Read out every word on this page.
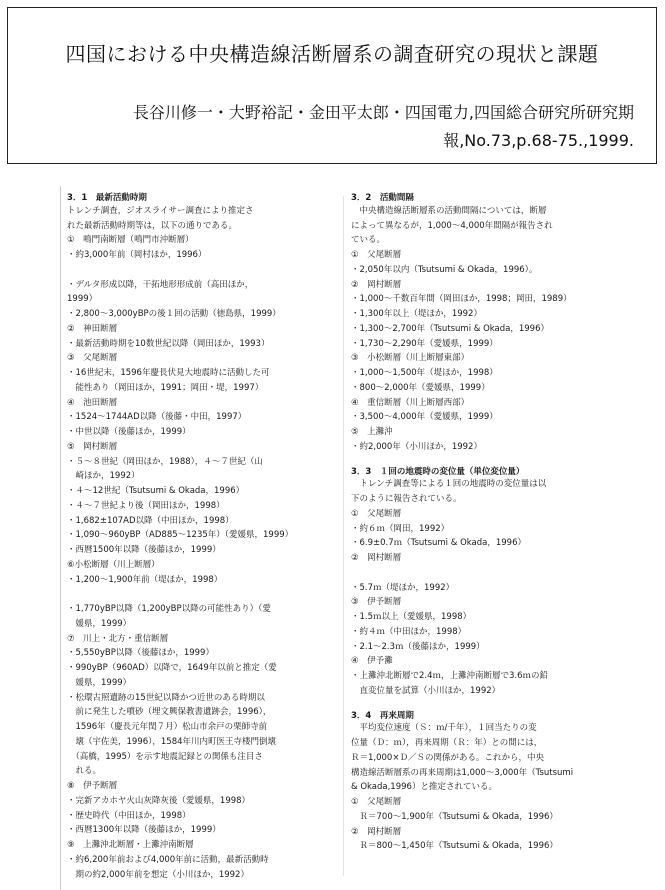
四国における中央構造線活断層系の調査研究の現状と課題
長谷川修一・大野裕記・金田平太郎・四国電力,四国総合研究所研究期
報,No.73,p.68-75.,1999.
3．1　最新活動時期
トレンチ調査，ジオスライサー調査により推定さ
れた最新活動時期等は，以下の通りである。
①　鳴門南断層（鳴門市沖断層）
・約3,000年前（岡村ほか，1996）

・デルタ形成以降，干拓地形形成前（高田ほか，
1999）
・2,800〜3,000yBPの後１回の活動（徳島県，1999）
②　神田断層
・最新活動時期を10数世紀以降（岡田ほか，1993）
③　父尾断層
・16世紀末，1596年慶長伏見大地震時に活動した可
　能性あり（岡田ほか，1991；岡田・堤，1997）
④　池田断層
・1524〜1744AD以降（後藤・中田，1997）
・中世以降（後藤ほか，1999）
⑤　岡村断層
・５〜８世紀（岡田ほか，1988），４〜７世紀（山
　崎ほか，1992）
・４〜12世紀（Tsutsumi & Okada，1996）
・４〜７世紀より後（岡田ほか，1998）
・1,682±107AD以降（中田ほか，1998）
・1,090〜960yBP（AD885〜1235年）（愛媛県，1999）
・西暦1500年以降（後藤ほか，1999）
⑥小松断層（川上断層）
・1,200〜1,900年前（堤ほか，1998）

・1,770yBP以降（1,200yBP以降の可能性あり）（愛
　媛県，1999）
⑦　川上・北方・重信断層
・5,550yBP以降（後藤ほか，1999）
・990yBP（960AD）以降で，1649年以前と推定（愛
　媛県，1999）
・松環古照遺跡の15世紀以降かつ近世のある時期以
　前に発生した噴砂（埋文興保教書遺跡会，1996），
　1596年（慶長元年閏７月）松山市余戸の栗師寺前
　壊（宇佐美，1996），1584年川内町医王寺楼門倒壊
　（高橋，1995）を示す地震記録との関係も注目さ
　れる。
⑧　伊予断層
・完新アカホヤ火山灰降灰後（愛媛県，1998）
・歴史時代（中田ほか，1998）
・西暦1300年以降（後藤ほか，1999）
⑨　上灘沖北断層・上灘沖南断層
・約6,200年前および4,000年前に活動，最新活動時
　期の約2,000年前を想定（小川ほか，1992）
3．2　活動間隔
　中央構造線活断層系の活動間隔については，断層
によって異なるが，1,000〜4,000年間隔が報告され
ている。
①　父尾断層
・2,050年以内（Tsutsumi & Okada，1996）。
②　岡村断層
・1,000〜千数百年間（岡田ほか，1998；岡田，1989）
・1,300年以上（堤ほか，1992）
・1,300〜2,700年（Tsutsumi & Okada，1996）
・1,730〜2,290年（愛媛県，1999）
③　小松断層（川上断層東部）
・1,000〜1,500年（堤ほか，1998）
・800〜2,000年（愛媛県，1999）
④　重信断層（川上断層西部）
・3,500〜4,000年（愛媛県，1999）
⑤　上灘沖
・約2,000年（小川ほか，1992）
3．3　１回の地震時の変位量（単位変位量）
　トレンチ調査等による１回の地震時の変位量は以
下のように報告されている。
①　父尾断層
・約６ｍ（岡田，1992）
・6.9±0.7ｍ（Tsutsumi & Okada，1996）
②　岡村断層

・5.7ｍ（堤ほか，1992）
③　伊予断層
・1.5ｍ以上（愛媛県，1998）
・約４ｍ（中田ほか，1998）
・2.1〜2.3ｍ（後藤ほか，1999）
④　伊予灘
・上灘沖北断層で2.4ｍ，上灘沖南断層で3.6ｍの鉛
　直変位量を試算（小川ほか，1992）
3．4　再来周期
　平均変位速度（Ｓ：ｍ/千年），１回当たりの変
位量（Ｄ：ｍ），再来周期（Ｒ：年）との間には，
Ｒ＝1,000×Ｄ／Ｓの関係がある。これから，中央
構造線活断層系の再来周期は1,000〜3,000年（Tsutsumi
& Okada,1996）と推定されている。
①　父尾断層
　Ｒ＝700〜1,900年（Tsutsumi & Okada，1996）
②　岡村断層
　Ｒ＝800〜1,450年（Tsutsumi & Okada，1996）
